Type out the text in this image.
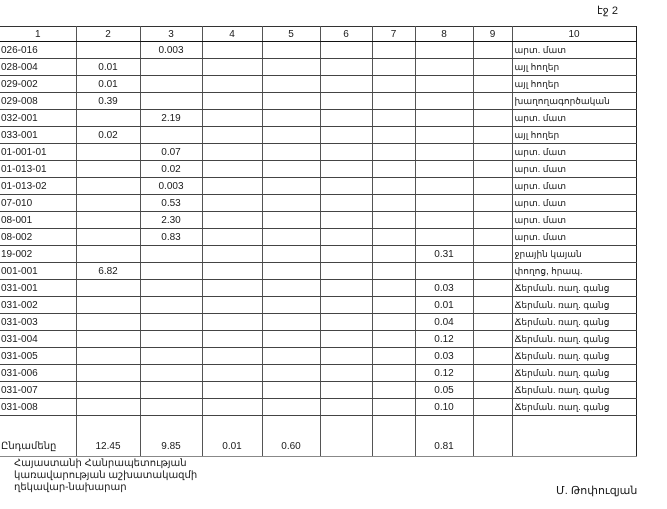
էջ 2
1	2	3	4	5	6	7	8	9	10
026-016		0.003							արտ. մատ
028-004	0.01								այլ հողեր
029-002	0.01								այլ հողեր
029-008	0.39								խաղողագործական
032-001		2.19							արտ. մատ
033-001	0.02								այլ հողեր
01-001-01		0.07							արտ. մատ
01-013-01		0.02							արտ. մատ
01-013-02		0.003							արտ. մատ
07-010		0.53							արտ. մատ
08-001		2.30							արտ. մատ
08-002		0.83							արտ. մատ
19-002							0.31		ջրային կայան
001-001	6.82								փողոց, հրապ.
031-001							0.03		Ճերման. ռաղ. գանց
031-002							0.01		Ճերման. ռաղ. գանց
031-003							0.04		Ճերման. ռաղ. գանց
031-004							0.12		Ճերման. ռաղ. գանց
031-005							0.03		Ճերման. ռաղ. գանց
031-006							0.12		Ճերման. ռաղ. գանց
031-007							0.05		Ճերման. ռաղ. գանց
031-008							0.10		Ճերման. ռաղ. գանց
Ընդամենը	12.45	9.85	0.01	0.60			0.81		
Հայաստանի Հանրապետության
կառավարության աշխատակազմի
ղեկավար-նախարար	Մ. Թոփուզյան
